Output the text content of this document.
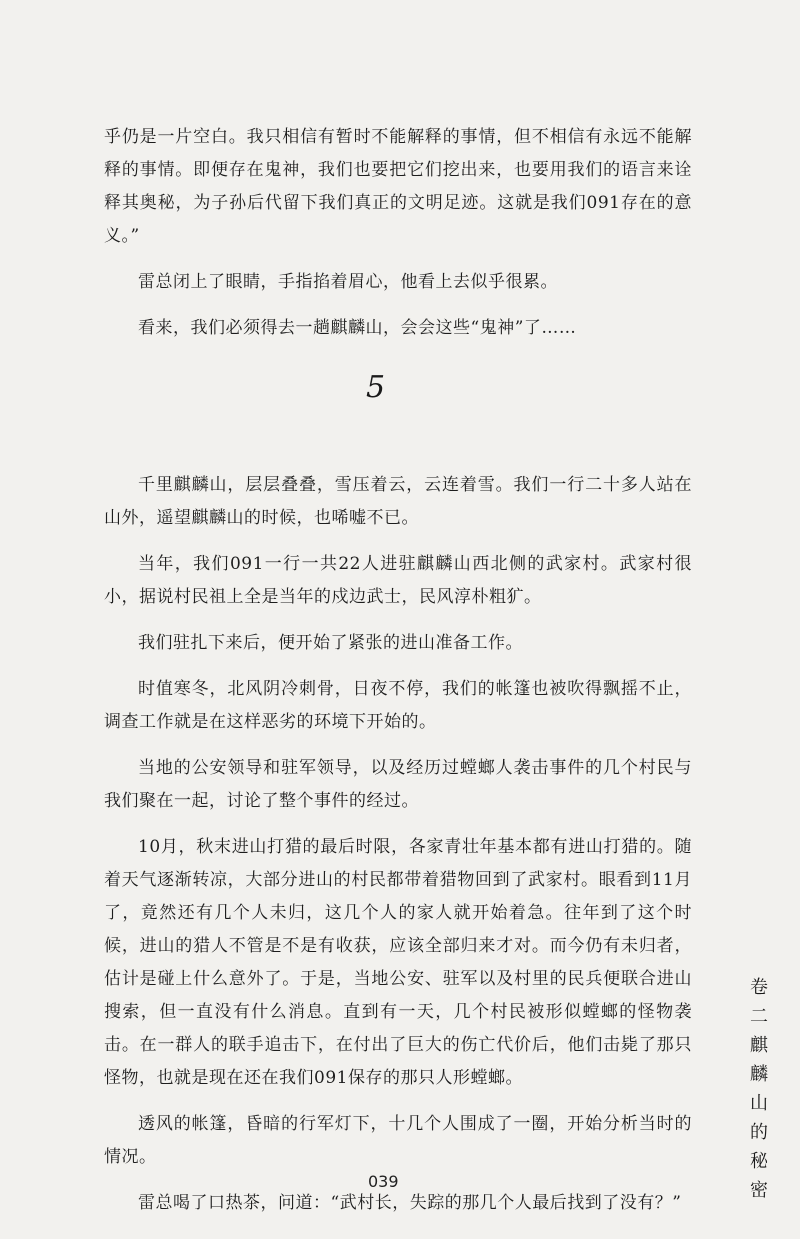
乎仍是一片空白。我只相信有暂时不能解释的事情，但不相信有永远不能解释的事情。即便存在鬼神，我们也要把它们挖出来，也要用我们的语言来诠释其奥秘，为子孙后代留下我们真正的文明足迹。这就是我们091存在的意义。”

雷总闭上了眼睛，手指掐着眉心，他看上去似乎很累。

看来，我们必须得去一趟麒麟山，会会这些“鬼神”了……

5

千里麒麟山，层层叠叠，雪压着云，云连着雪。我们一行二十多人站在山外，遥望麒麟山的时候，也唏嘘不已。

当年，我们091一行一共22人进驻麒麟山西北侧的武家村。武家村很小，据说村民祖上全是当年的戍边武士，民风淳朴粗犷。

我们驻扎下来后，便开始了紧张的进山准备工作。

时值寒冬，北风阴冷刺骨，日夜不停，我们的帐篷也被吹得飘摇不止，调查工作就是在这样恶劣的环境下开始的。

当地的公安领导和驻军领导，以及经历过螳螂人袭击事件的几个村民与我们聚在一起，讨论了整个事件的经过。

10月，秋末进山打猎的最后时限，各家青壮年基本都有进山打猎的。随着天气逐渐转凉，大部分进山的村民都带着猎物回到了武家村。眼看到11月了，竟然还有几个人未归，这几个人的家人就开始着急。往年到了这个时候，进山的猎人不管是不是有收获，应该全部归来才对。而今仍有未归者，估计是碰上什么意外了。于是，当地公安、驻军以及村里的民兵便联合进山搜索，但一直没有什么消息。直到有一天，几个村民被形似螳螂的怪物袭击。在一群人的联手追击下，在付出了巨大的伤亡代价后，他们击毙了那只怪物，也就是现在还在我们091保存的那只人形螳螂。

透风的帐篷，昏暗的行军灯下，十几个人围成了一圈，开始分析当时的情况。

雷总喝了口热茶，问道：“武村长，失踪的那几个人最后找到了没有？”

卷
二
麒
麟
山
的
秘
密
039
